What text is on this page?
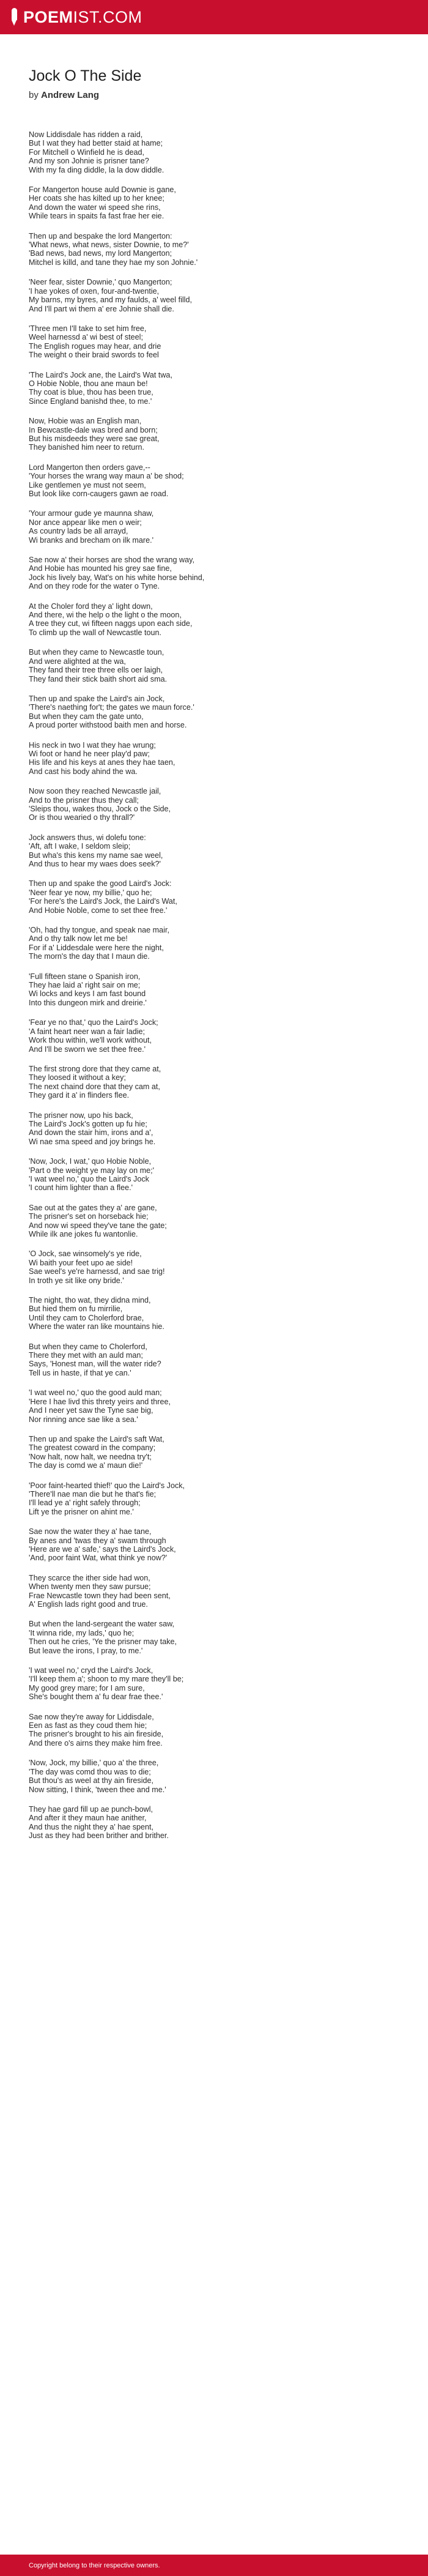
POEM IST.COM
Jock O The Side
by Andrew Lang
Now Liddisdale has ridden a raid,
But I wat they had better staid at hame;
For Mitchell o Winfield he is dead,
And my son Johnie is prisner tane?
With my fa ding diddle, la la dow diddle.
For Mangerton house auld Downie is gane,
Her coats she has kilted up to her knee;
And down the water wi speed she rins,
While tears in spaits fa fast frae her eie.
Then up and bespake the lord Mangerton:
'What news, what news, sister Downie, to me?'
'Bad news, bad news, my lord Mangerton;
Mitchel is killd, and tane they hae my son Johnie.'
'Neer fear, sister Downie,' quo Mangerton;
'I hae yokes of oxen, four-and-twentie,
My barns, my byres, and my faulds, a' weel filld,
And I'll part wi them a' ere Johnie shall die.
'Three men I'll take to set him free,
Weel harnessd a' wi best of steel;
The English rogues may hear, and drie
The weight o their braid swords to feel
'The Laird's Jock ane, the Laird's Wat twa,
O Hobie Noble, thou ane maun be!
Thy coat is blue, thou has been true,
Since England banishd thee, to me.'
Now, Hobie was an English man,
In Bewcastle-dale was bred and born;
But his misdeeds they were sae great,
They banished him neer to return.
Lord Mangerton then orders gave,--
'Your horses the wrang way maun a' be shod;
Like gentlemen ye must not seem,
But look like corn-caugers gawn ae road.
'Your armour gude ye maunna shaw,
Nor ance appear like men o weir;
As country lads be all arrayd,
Wi branks and brecham on ilk mare.'
Sae now a' their horses are shod the wrang way,
And Hobie has mounted his grey sae fine,
Jock his lively bay, Wat's on his white horse behind,
And on they rode for the water o Tyne.
At the Choler ford they a' light down,
And there, wi the help o the light o the moon,
A tree they cut, wi fifteen naggs upon each side,
To climb up the wall of Newcastle toun.
But when they came to Newcastle toun,
And were alighted at the wa,
They fand their tree three ells oer laigh,
They fand their stick baith short aid sma.
Then up and spake the Laird's ain Jock,
'There's naething for't; the gates we maun force.'
But when they cam the gate unto,
A proud porter withstood baith men and horse.
His neck in two I wat they hae wrung;
Wi foot or hand he neer play'd paw;
His life and his keys at anes they hae taen,
And cast his body ahind the wa.
Now soon they reached Newcastle jail,
And to the prisner thus they call;
'Sleips thou, wakes thou, Jock o the Side,
Or is thou wearied o thy thrall?'
Jock answers thus, wi dolefu tone:
'Aft, aft I wake, I seldom sleip;
But wha's this kens my name sae weel,
And thus to hear my waes does seek?'
Then up and spake the good Laird's Jock:
'Neer fear ye now, my billie,' quo he;
'For here's the Laird's Jock, the Laird's Wat,
And Hobie Noble, come to set thee free.'
'Oh, had thy tongue, and speak nae mair,
And o thy talk now let me be!
For if a' Liddesdale were here the night,
The morn's the day that I maun die.
'Full fifteen stane o Spanish iron,
They hae laid a' right sair on me;
Wi locks and keys I am fast bound
Into this dungeon mirk and dreirie.'
'Fear ye no that,' quo the Laird's Jock;
'A faint heart neer wan a fair ladie;
Work thou within, we'll work without,
And I'll be sworn we set thee free.'
The first strong dore that they came at,
They loosed it without a key;
The next chaind dore that they cam at,
They gard it a' in flinders flee.
The prisner now, upo his back,
The Laird's Jock's gotten up fu hie;
And down the stair him, irons and a',
Wi nae sma speed and joy brings he.
'Now, Jock, I wat,' quo Hobie Noble,
'Part o the weight ye may lay on me;'
'I wat weel no,' quo the Laird's Jock
'I count him lighter than a flee.'
Sae out at the gates they a' are gane,
The prisner's set on horseback hie;
And now wi speed they've tane the gate;
While ilk ane jokes fu wantonlie.
'O Jock, sae winsomely's ye ride,
Wi baith your feet upo ae side!
Sae weel's ye're harnessd, and sae trig!
In troth ye sit like ony bride.'
The night, tho wat, they didna mind,
But hied them on fu mirrilie,
Until they cam to Cholerford brae,
Where the water ran like mountains hie.
But when they came to Cholerford,
There they met with an auld man;
Says, 'Honest man, will the water ride?
Tell us in haste, if that ye can.'
'I wat weel no,' quo the good auld man;
'Here I hae livd this threty yeirs and three,
And I neer yet saw the Tyne sae big,
Nor rinning ance sae like a sea.'
Then up and spake the Laird's saft Wat,
The greatest coward in the company;
'Now halt, now halt, we needna try't;
The day is comd we a' maun die!'
'Poor faint-hearted thief!' quo the Laird's Jock,
'There'll nae man die but he that's fie;
I'll lead ye a' right safely through;
Lift ye the prisner on ahint me.'
Sae now the water they a' hae tane,
By anes and 'twas they a' swam through
'Here are we a' safe,' says the Laird's Jock,
'And, poor faint Wat, what think ye now?'
They scarce the ither side had won,
When twenty men they saw pursue;
Frae Newcastle town they had been sent,
A' English lads right good and true.
But when the land-sergeant the water saw,
'It winna ride, my lads,' quo he;
Then out he cries, 'Ye the prisner may take,
But leave the irons, I pray, to me.'
'I wat weel no,' cryd the Laird's Jock,
'I'll keep them a'; shoon to my mare they'll be;
My good grey mare; for I am sure,
She's bought them a' fu dear frae thee.'
Sae now they're away for Liddisdale,
Een as fast as they coud them hie;
The prisner's brought to his ain fireside,
And there o's airns they make him free.
'Now, Jock, my billie,' quo a' the three,
'The day was comd thou was to die;
But thou's as weel at thy ain fireside,
Now sitting, I think, 'tween thee and me.'
They hae gard fill up ae punch-bowl,
And after it they maun hae anither,
And thus the night they a' hae spent,
Just as they had been brither and brither.
Copyright belong to their respective owners.
